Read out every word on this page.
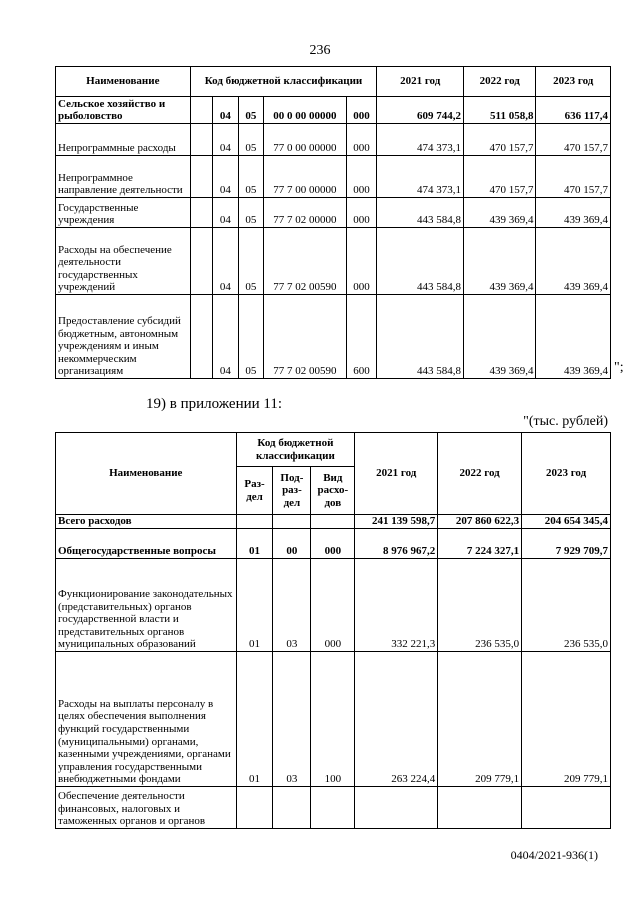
236
Наименование	Код бюджетной классификации					2021 год	2022 год	2023 год
Сельское хозяйство и рыболовство		04	05	00 0 00 00000	000	609 744,2	511 058,8	636 117,4
Непрограммные расходы		04	05	77 0 00 00000	000	474 373,1	470 157,7	470 157,7
Непрограммное направление деятельности		04	05	77 7 00 00000	000	474 373,1	470 157,7	470 157,7
Государственные учреждения		04	05	77 7 02 00000	000	443 584,8	439 369,4	439 369,4
Расходы на обеспечение деятельности государственных учреждений		04	05	77 7 02 00590	000	443 584,8	439 369,4	439 369,4
Предоставление субсидий бюджетным, автономным учреждениям и иным некоммерческим организациям		04	05	77 7 02 00590	600	443 584,8	439 369,4	439 369,4 ";
19) в приложении 11:
"(тыс. рублей)
Наименование	Код бюджетной классификации			2021 год	2022 год	2023 год
	Раз-дел	Под-раз-дел	Вид расхо-дов			
Всего расходов				241 139 598,7	207 860 622,3	204 654 345,4
Общегосударственные вопросы	01	00	000	8 976 967,2	7 224 327,1	7 929 709,7
Функционирование законодательных (представительных) органов государственной власти и представительных органов муниципальных образований	01	03	000	332 221,3	236 535,0	236 535,0
Расходы на выплаты персоналу в целях обеспечения выполнения функций государственными (муниципальными) органами, казенными учреждениями, органами управления государственными внебюджетными фондами	01	03	100	263 224,4	209 779,1	209 779,1
Обеспечение деятельности финансовых, налоговых и таможенных органов и органов						
0404/2021-936(1)
